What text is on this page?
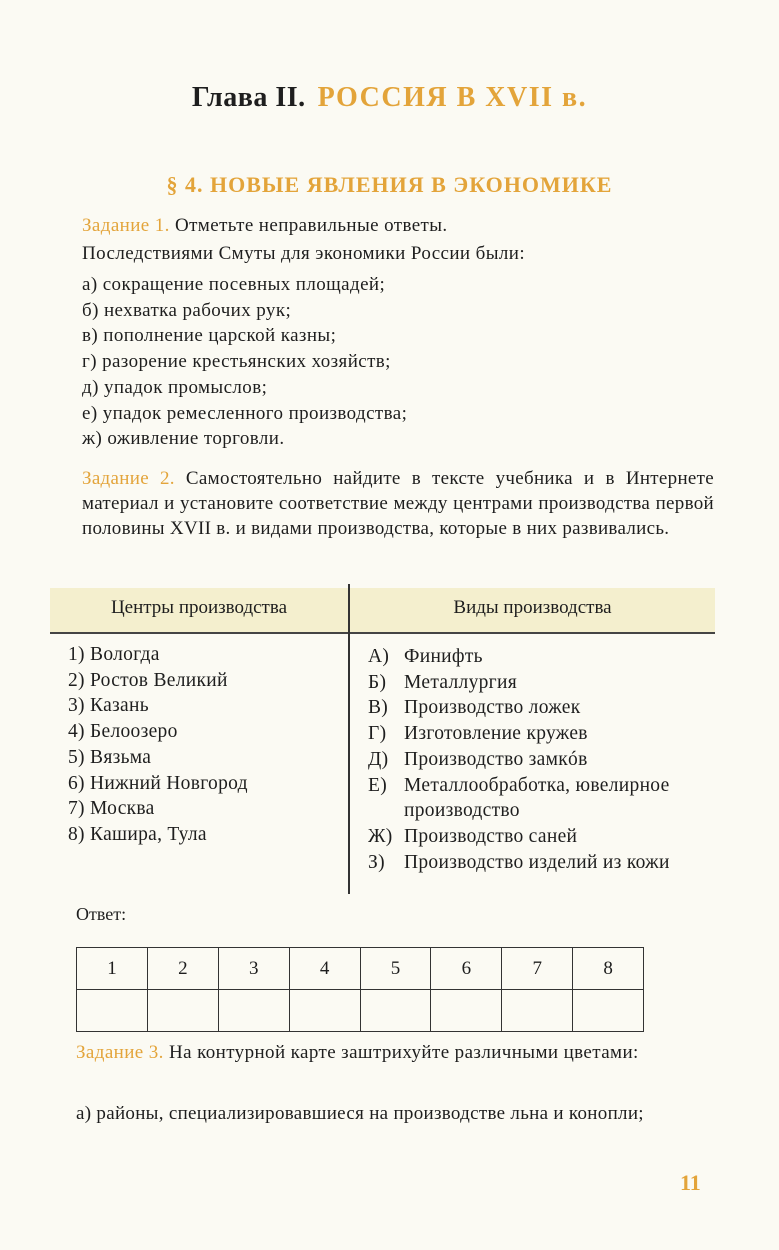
Глава II. РОССИЯ В XVII в.
§ 4. НОВЫЕ ЯВЛЕНИЯ В ЭКОНОМИКЕ

Задание 1. Отметьте неправильные ответы.

Последствиями Смуты для экономики России были:

а) сокращение посевных площадей;
б) нехватка рабочих рук;
в) пополнение царской казны;
г) разорение крестьянских хозяйств;
д) упадок промыслов;
е) упадок ремесленного производства;
ж) оживление торговли.
Задание 2. Самостоятельно найдите в тексте учебника и в Интернете материал и установите соответствие между центрами производства первой половины XVII в. и видами производства, которые в них развивались.
Центры производства	Виды производства
1) Вологда
2) Ростов Великий
3) Казань
4) Белоозеро
5) Вязьма
6) Нижний Новгород
7) Москва
8) Кашира, Тула
А) Финифть
Б) Металлургия
В) Производство ложек
Г) Изготовление кружев
Д) Производство замкóв
Е) Металлообработка, ювелирное производство
Ж) Производство саней
З) Производство изделий из кожи
Ответ:
1	2	3	4	5	6	7	8

Задание 3. На контурной карте заштрихуйте различными цветами:
а) районы, специализировавшиеся на производстве льна и конопли;
11
